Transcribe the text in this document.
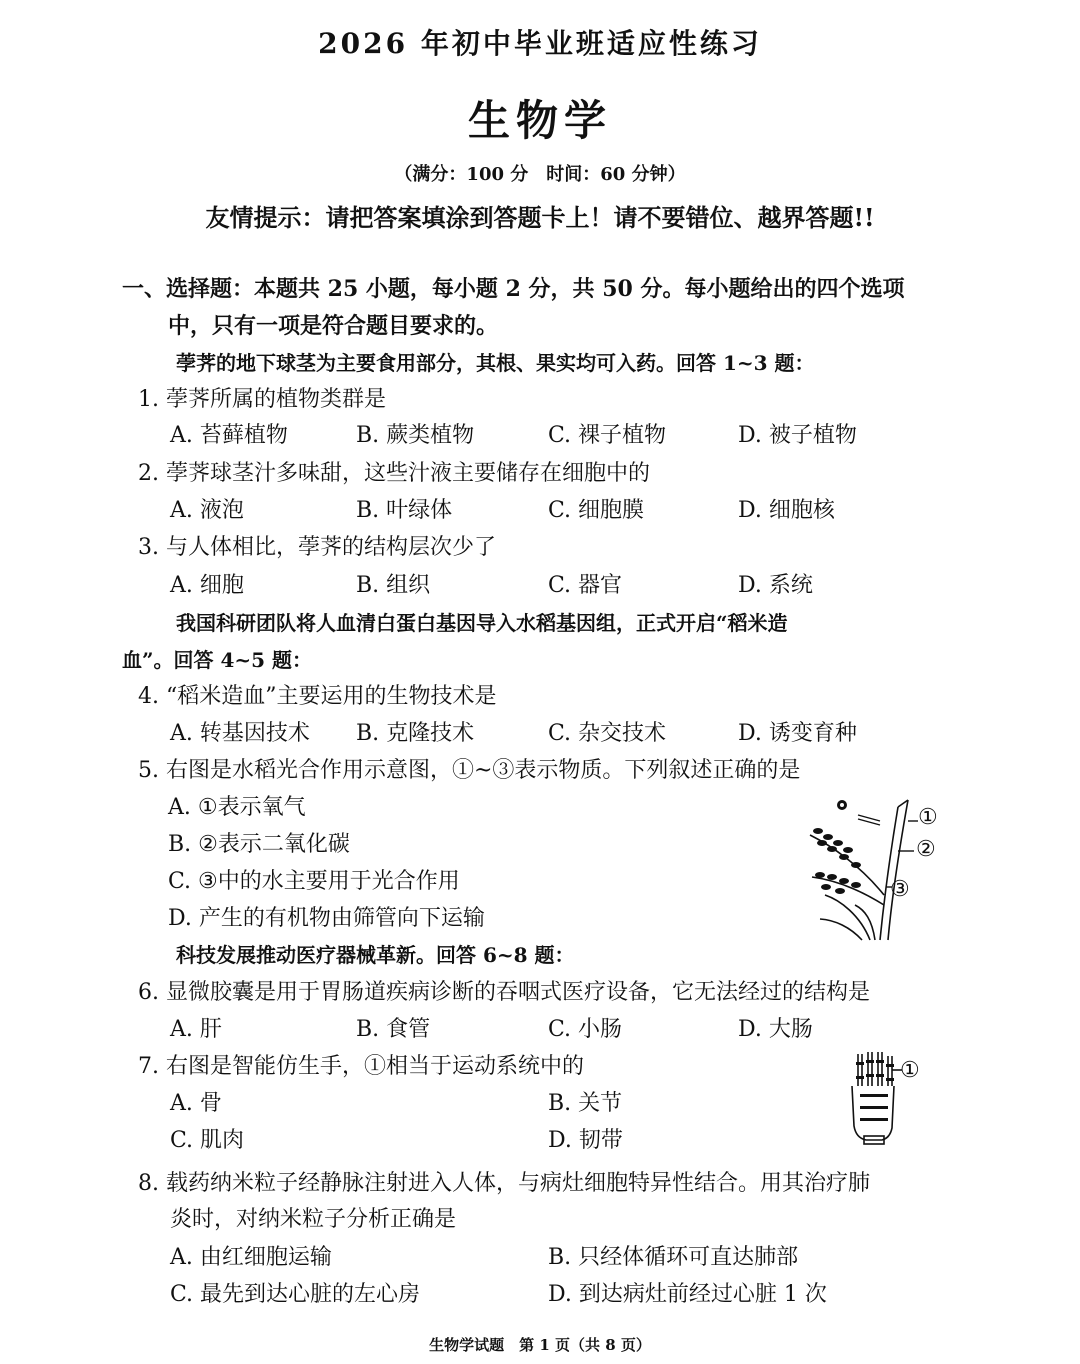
2026 年初中毕业班适应性练习
生物学
（满分：100 分　时间：60 分钟）
友情提示：请把答案填涂到答题卡上！请不要错位、越界答题!!
一、选择题：本题共 25 小题，每小题 2 分，共 50 分。每小题给出的四个选项
中，只有一项是符合题目要求的。
荸荠的地下球茎为主要食用部分，其根、果实均可入药。回答 1~3 题：
1. 荸荠所属的植物类群是
A. 苔藓植物	B. 蕨类植物	C. 裸子植物	D. 被子植物
2. 荸荠球茎汁多味甜，这些汁液主要储存在细胞中的
A. 液泡	B. 叶绿体	C. 细胞膜	D. 细胞核
3. 与人体相比，荸荠的结构层次少了
A. 细胞	B. 组织	C. 器官	D. 系统
我国科研团队将人血清白蛋白基因导入水稻基因组，正式开启“稻米造
血”。回答 4~5 题：
4. “稻米造血”主要运用的生物技术是
A. 转基因技术 B. 克隆技术	C. 杂交技术	D. 诱变育种
5. 右图是水稻光合作用示意图，①~③表示物质。下列叙述正确的是
A. ①表示氧气
B. ②表示二氧化碳
C. ③中的水主要用于光合作用
D. 产生的有机物由筛管向下运输
①
②
③
科技发展推动医疗器械革新。回答 6~8 题：
6. 显微胶囊是用于胃肠道疾病诊断的吞咽式医疗设备，它无法经过的结构是
A. 肝	B. 食管	C. 小肠	D. 大肠
7. 右图是智能仿生手，①相当于运动系统中的
A. 骨	B. 关节
C. 肌肉	D. 韧带
①
8. 载药纳米粒子经静脉注射进入人体，与病灶细胞特异性结合。用其治疗肺
炎时，对纳米粒子分析正确是
A. 由红细胞运输	B. 只经体循环可直达肺部
C. 最先到达心脏的左心房	D. 到达病灶前经过心脏 1 次
生物学试题　第 1 页（共 8 页）
